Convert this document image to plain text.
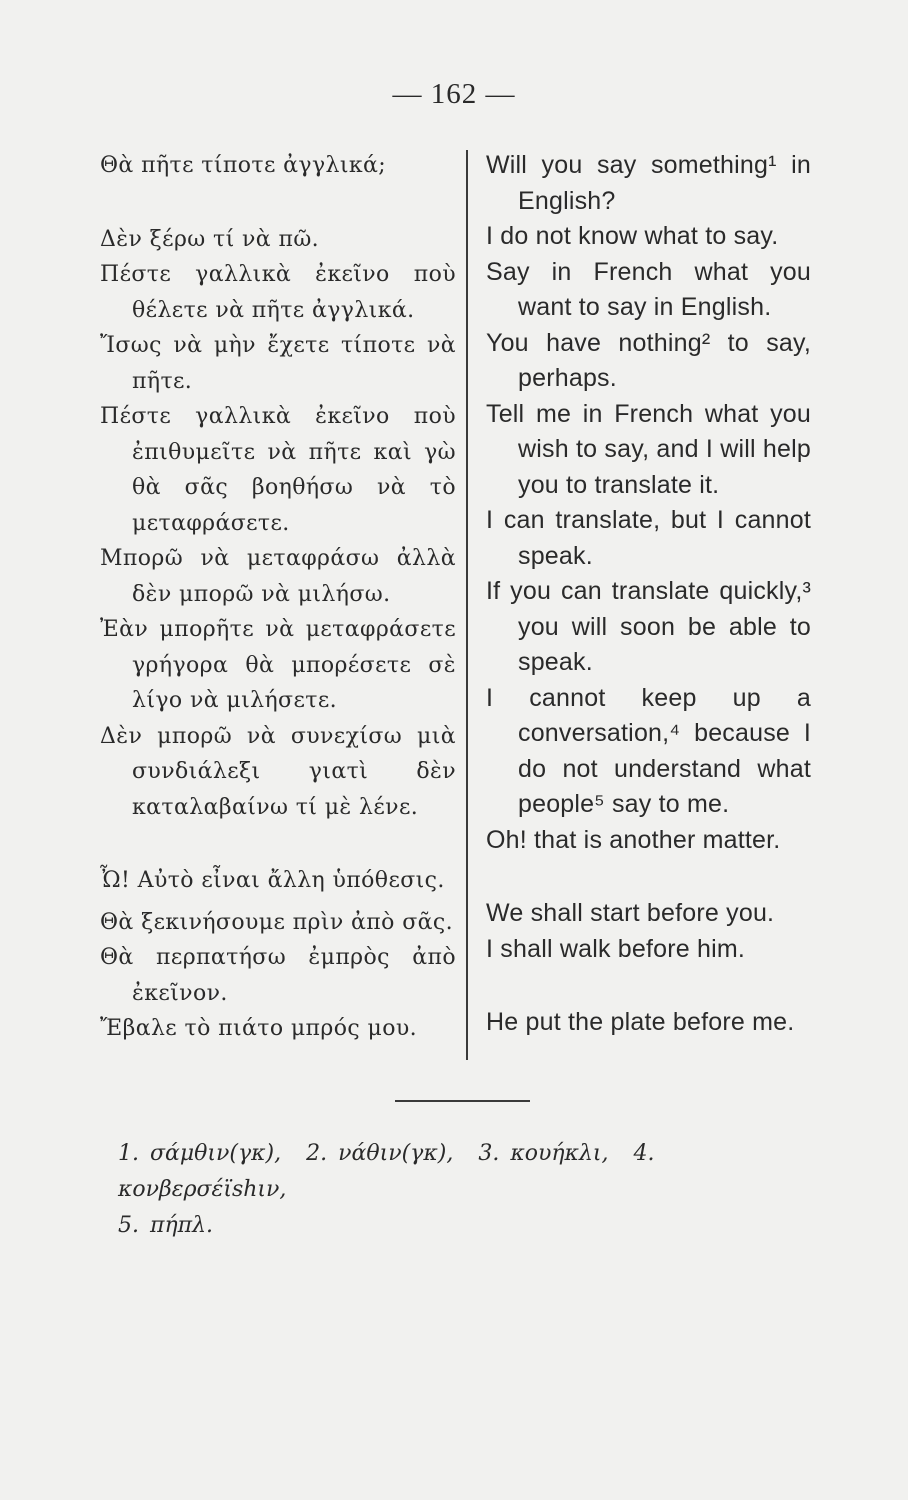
— 162 —
Θὰ πῆτε τίποτε ἀγγλικά;
Δὲν ξέρω τί νὰ πῶ.
Πέστε γαλλικὰ ἐκεῖνο ποὺ θέλετε νὰ πῆτε ἀγγλικά.
Ἴσως νὰ μὴν ἔχετε τίποτε νὰ πῆτε.
Πέστε γαλλικὰ ἐκεῖνο ποὺ ἐπιθυμεῖτε νὰ πῆτε καὶ γὼ θὰ σᾶς βοηθήσω νὰ τὸ μεταφράσετε.
Μπορῶ νὰ μεταφράσω ἀλλὰ δὲν μπορῶ νὰ μιλήσω.
Ἐὰν μπορῆτε νὰ μεταφράσετε γρήγορα θὰ μπορέσετε σὲ λίγο νὰ μιλήσετε.
Δὲν μπορῶ νὰ συνεχίσω μιὰ συνδιάλεξι γιατὶ δὲν καταλαβαίνω τί μὲ λένε.
Ὦ! Αὐτὸ εἶναι ἄλλη ὑπόθεσις.
Θὰ ξεκινήσουμε πρὶν ἀπὸ σᾶς.
Θὰ περπατήσω ἐμπρὸς ἀπὸ ἐκεῖνον.
Ἔβαλε τὸ πιάτο μπρός μου.
Will you say something¹ in English?
I do not know what to say.
Say in French what you want to say in English.
You have nothing² to say, perhaps.
Tell me in French what you wish to say, and I will help you to translate it.
I can translate, but I cannot speak.
If you can translate quickly,³ you will soon be able to speak.
I cannot keep up a conversation,⁴ because I do not understand what people⁵ say to me.
Oh! that is another matter.
We shall start before you.
I shall walk before him.
He put the plate before me.
1. σάμθιν(γκ), 2. νάθιν(γκ), 3. κουήκλι, 4. κονβερσέϊshιν,
5. πήπλ.
